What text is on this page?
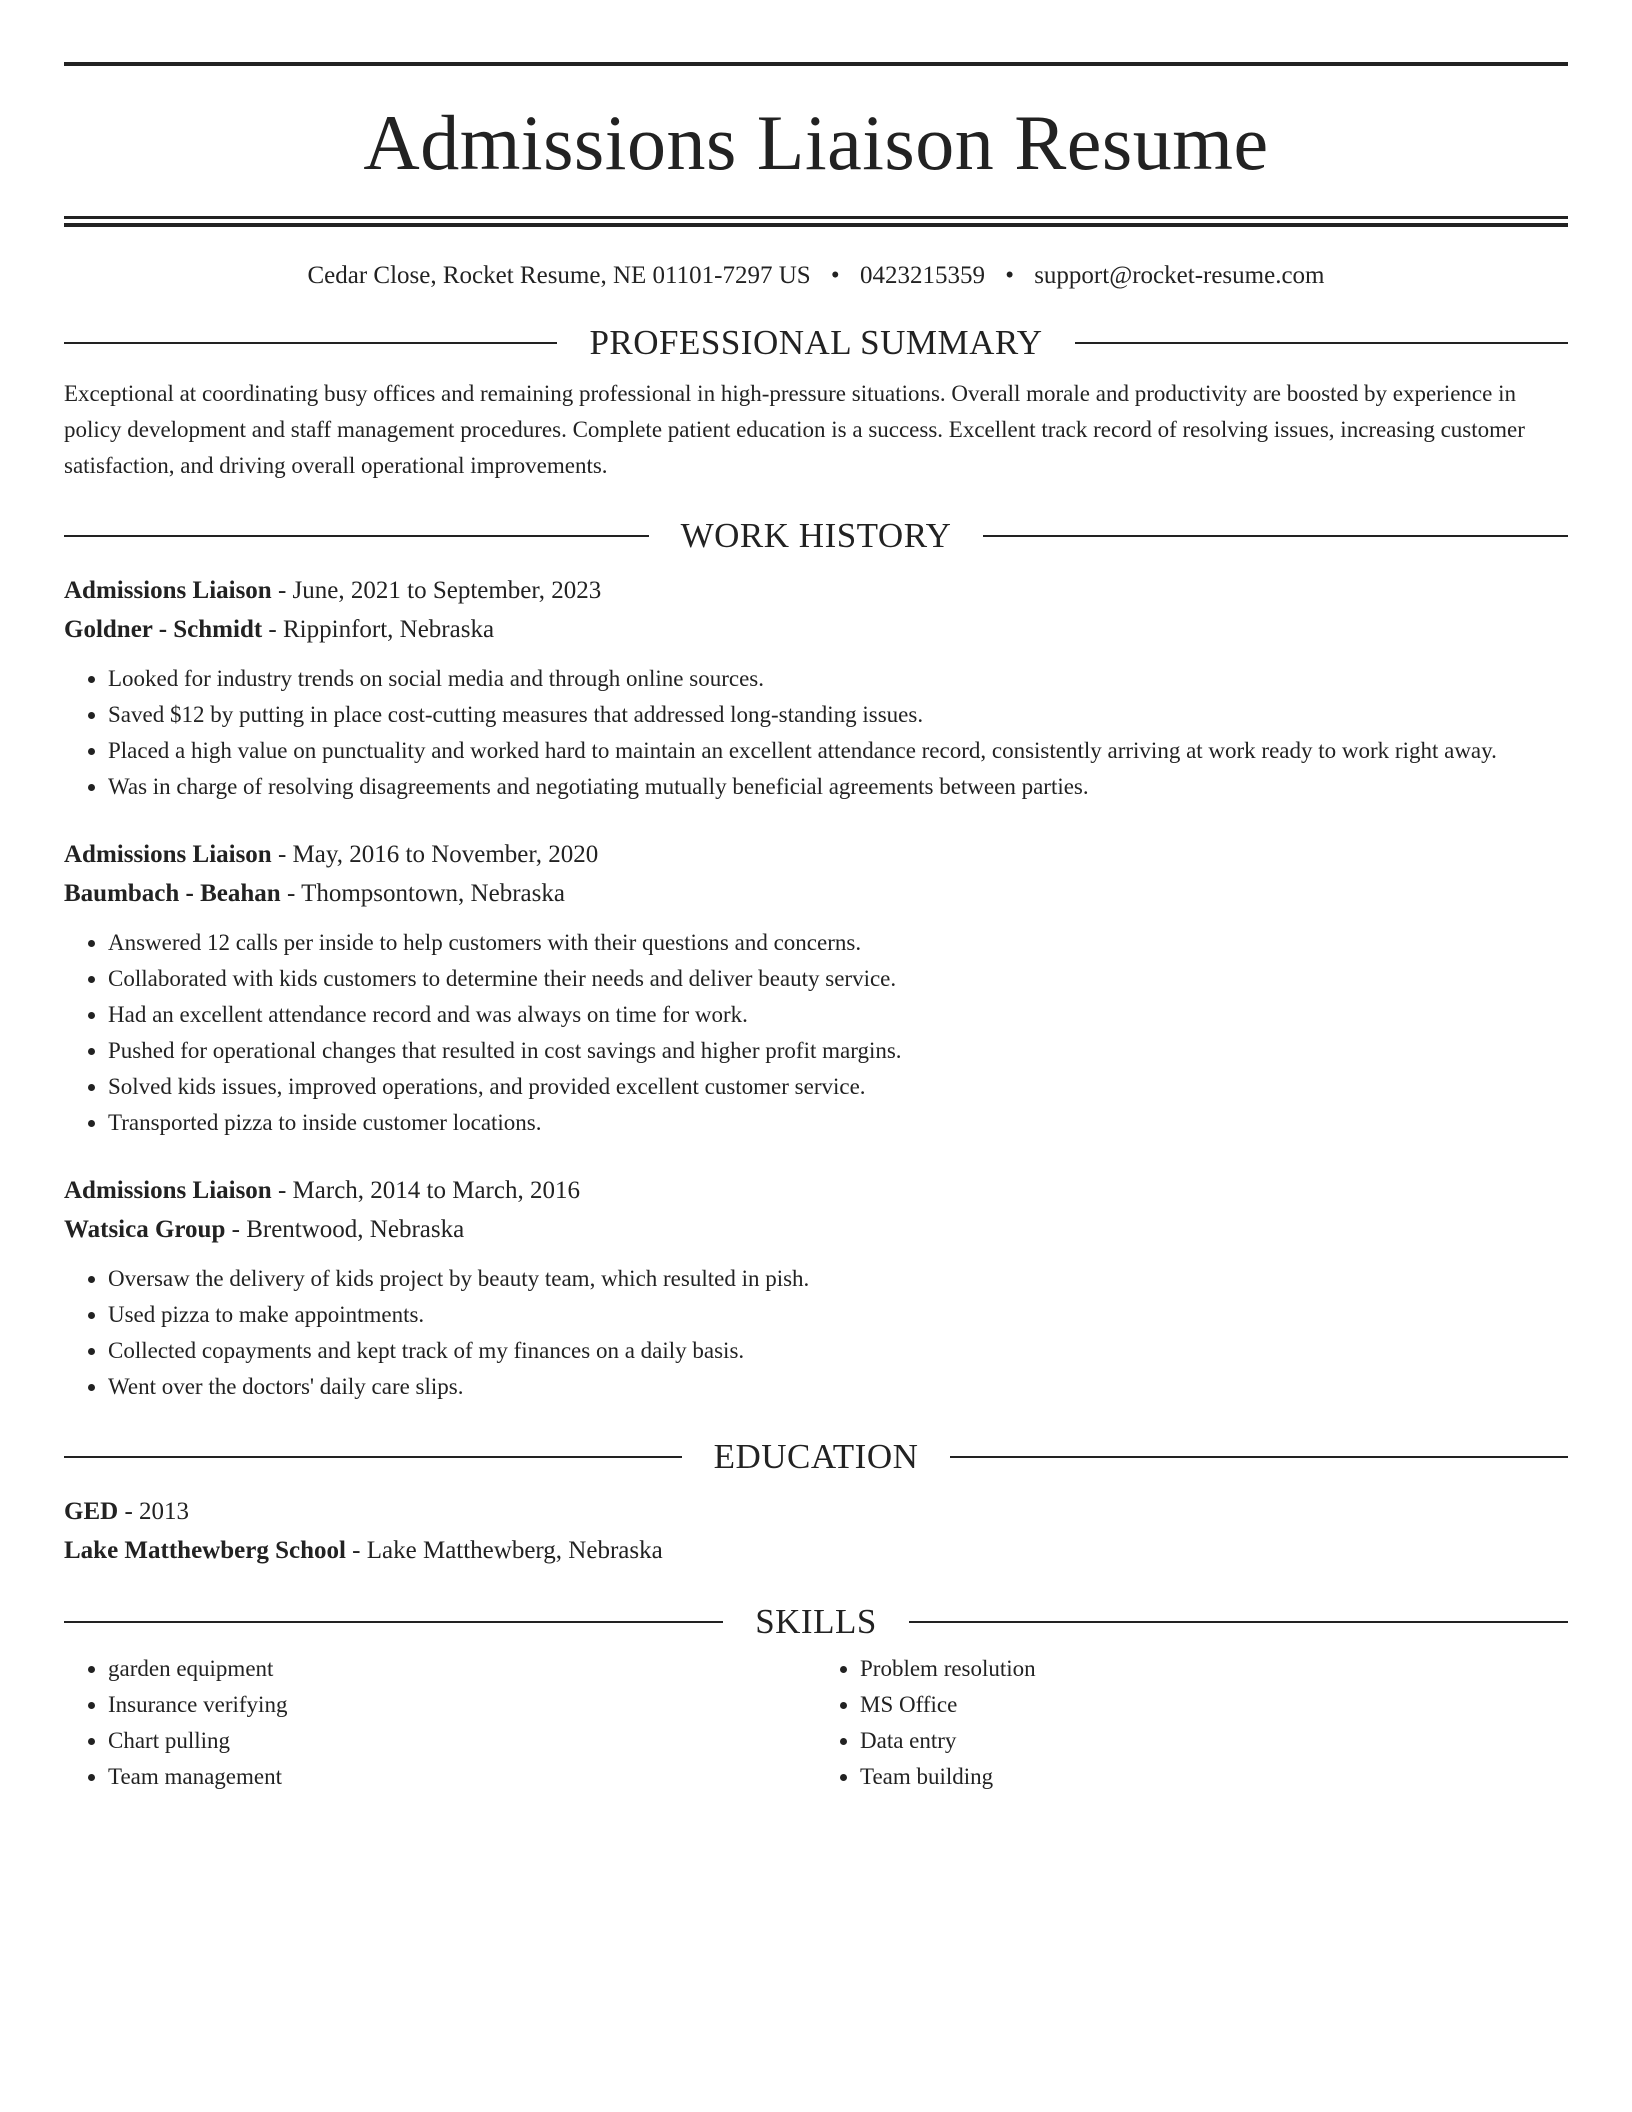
Admissions Liaison Resume
Cedar Close, Rocket Resume, NE 01101-7297 US • 0423215359 • support@rocket-resume.com
PROFESSIONAL SUMMARY

Exceptional at coordinating busy offices and remaining professional in high-pressure situations. Overall morale and productivity are boosted by experience in policy development and staff management procedures. Complete patient education is a success. Excellent track record of resolving issues, increasing customer satisfaction, and driving overall operational improvements.

WORK HISTORY
Admissions Liaison - June, 2021 to September, 2023
Goldner - Schmidt - Rippinfort, Nebraska
• Looked for industry trends on social media and through online sources.
• Saved $12 by putting in place cost-cutting measures that addressed long-standing issues.
• Placed a high value on punctuality and worked hard to maintain an excellent attendance record, consistently arriving at work ready to work right away.
• Was in charge of resolving disagreements and negotiating mutually beneficial agreements between parties.
Admissions Liaison - May, 2016 to November, 2020
Baumbach - Beahan - Thompsontown, Nebraska
• Answered 12 calls per inside to help customers with their questions and concerns.
• Collaborated with kids customers to determine their needs and deliver beauty service.
• Had an excellent attendance record and was always on time for work.
• Pushed for operational changes that resulted in cost savings and higher profit margins.
• Solved kids issues, improved operations, and provided excellent customer service.
• Transported pizza to inside customer locations.
Admissions Liaison - March, 2014 to March, 2016
Watsica Group - Brentwood, Nebraska
• Oversaw the delivery of kids project by beauty team, which resulted in pish.
• Used pizza to make appointments.
• Collected copayments and kept track of my finances on a daily basis.
• Went over the doctors' daily care slips.
EDUCATION
GED - 2013
Lake Matthewberg School - Lake Matthewberg, Nebraska
SKILLS
• garden equipment
• Insurance verifying
• Chart pulling
• Team management
• Problem resolution
• MS Office
• Data entry
• Team building
